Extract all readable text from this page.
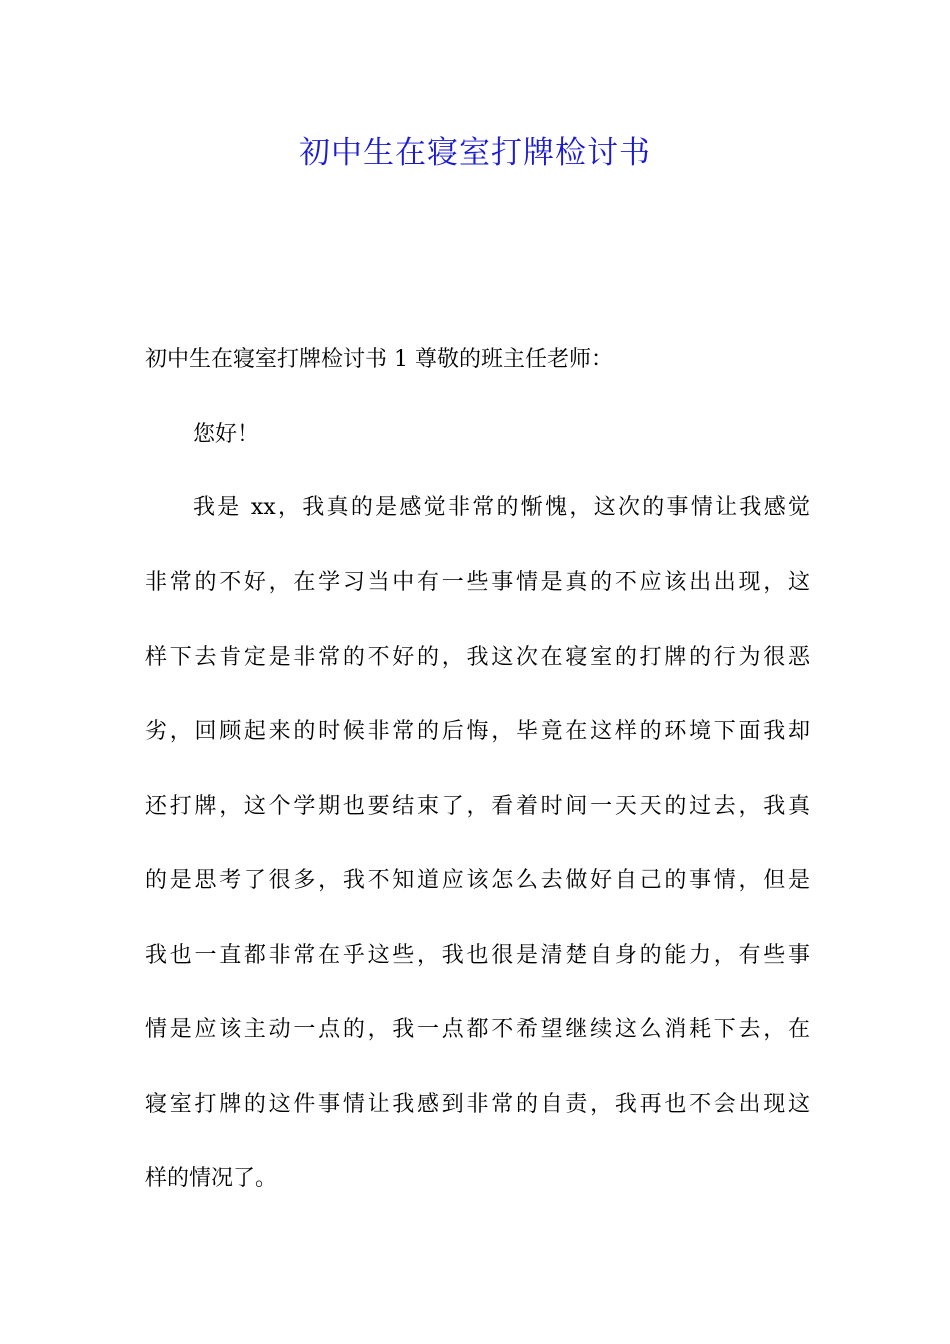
初中生在寝室打牌检讨书

初中生在寝室打牌检讨书 1 尊敬的班主任老师：

您好！

我是 xx，我真的是感觉非常的惭愧，这次的事情让我感觉

非常的不好，在学习当中有一些事情是真的不应该出出现，这

样下去肯定是非常的不好的，我这次在寝室的打牌的行为很恶

劣，回顾起来的时候非常的后悔，毕竟在这样的环境下面我却

还打牌，这个学期也要结束了，看着时间一天天的过去，我真

的是思考了很多，我不知道应该怎么去做好自己的事情，但是

我也一直都非常在乎这些，我也很是清楚自身的能力，有些事

情是应该主动一点的，我一点都不希望继续这么消耗下去，在

寝室打牌的这件事情让我感到非常的自责，我再也不会出现这

样的情况了。
